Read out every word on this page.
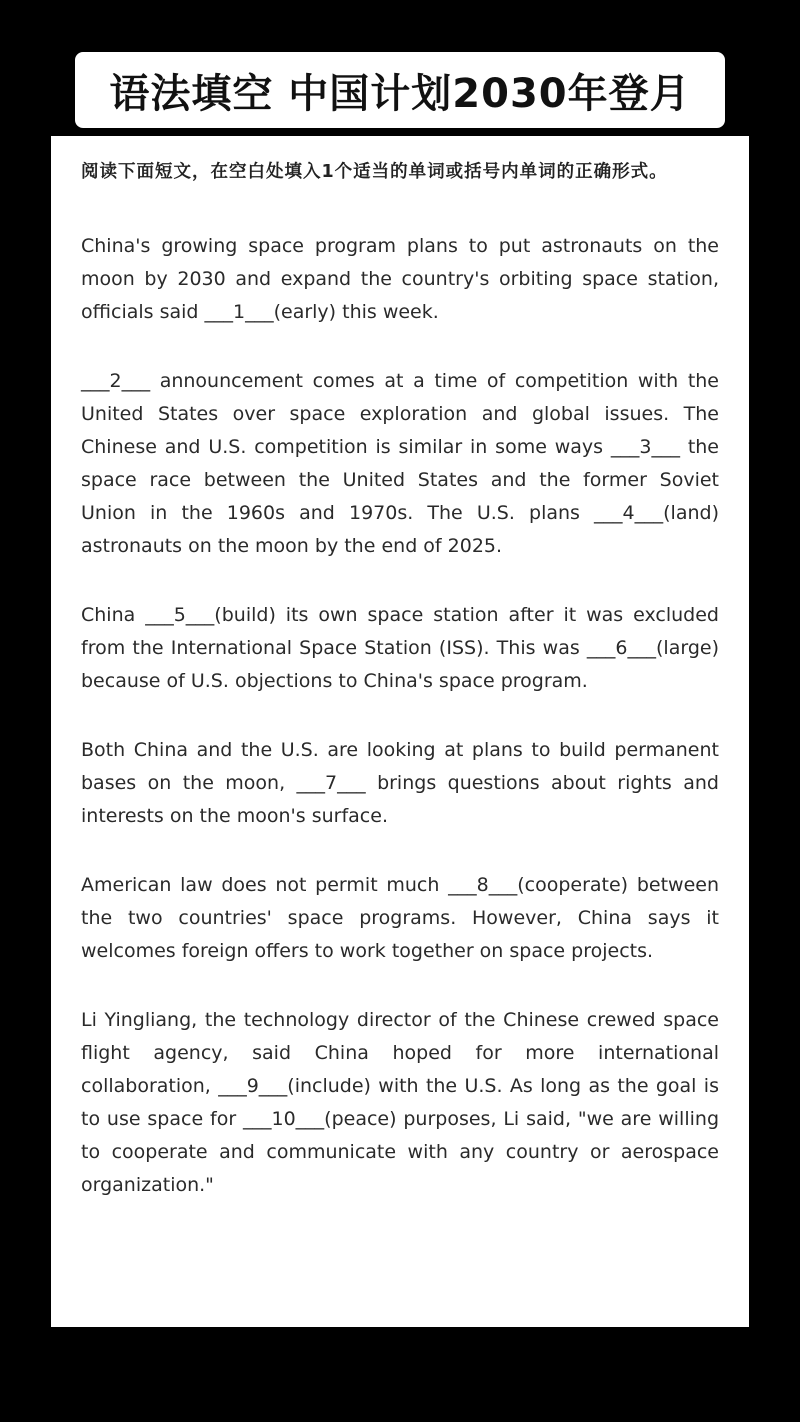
语法填空 中国计划2030年登月

阅读下面短文，在空白处填入1个适当的单词或括号内单词的正确形式。

China's growing space program plans to put astronauts on the moon by 2030 and expand the country's orbiting space station, officials said ___1___(early) this week.

___2___ announcement comes at a time of competition with the United States over space exploration and global issues. The Chinese and U.S. competition is similar in some ways ___3___ the space race between the United States and the former Soviet Union in the 1960s and 1970s. The U.S. plans ___4___(land) astronauts on the moon by the end of 2025.

China ___5___(build) its own space station after it was excluded from the International Space Station (ISS). This was ___6___(large) because of U.S. objections to China's space program.

Both China and the U.S. are looking at plans to build permanent bases on the moon, ___7___ brings questions about rights and interests on the moon's surface.

American law does not permit much ___8___(cooperate) between the two countries' space programs. However, China says it welcomes foreign offers to work together on space projects.

Li Yingliang, the technology director of the Chinese crewed space flight agency, said China hoped for more international collaboration, ___9___(include) with the U.S. As long as the goal is to use space for ___10___(peace) purposes, Li said, "we are willing to cooperate and communicate with any country or aerospace organization."
